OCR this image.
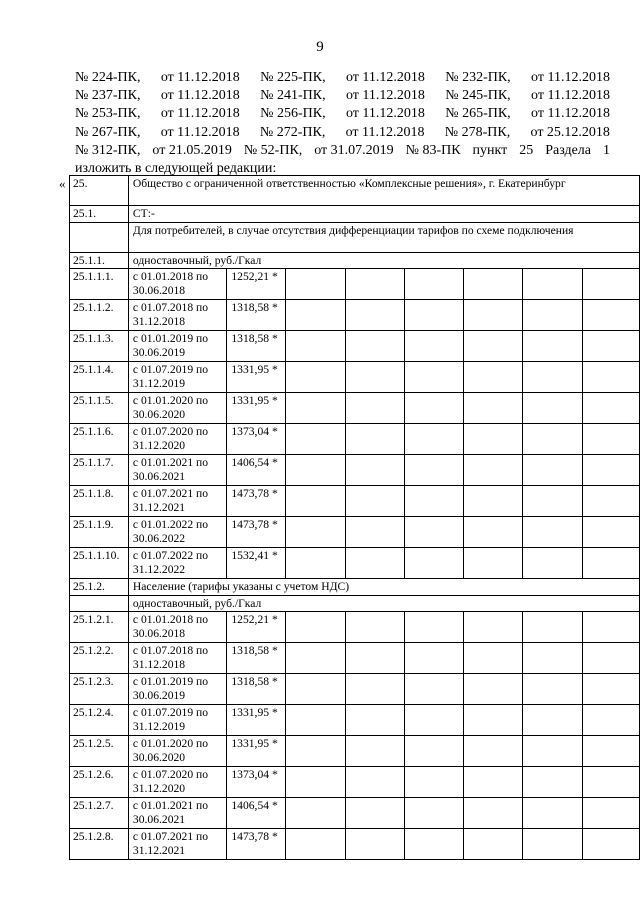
9
№ 224-ПК, от 11.12.2018 № 225-ПК, от 11.12.2018 № 232-ПК, от 11.12.2018
№ 237-ПК, от 11.12.2018 № 241-ПК, от 11.12.2018 № 245-ПК, от 11.12.2018
№ 253-ПК, от 11.12.2018 № 256-ПК, от 11.12.2018 № 265-ПК, от 11.12.2018
№ 267-ПК, от 11.12.2018 № 272-ПК, от 11.12.2018 № 278-ПК, от 25.12.2018
№ 312-ПК, от 21.05.2019 № 52-ПК, от 31.07.2019 № 83-ПК пункт 25 Раздела 1
изложить в следующей редакции:
« 25.	Общество с ограниченной ответственностью «Комплексные решения», г. Екатеринбург							
25.1.	СТ:-							
	Для потребителей, в случае отсутствия дифференциации тарифов по схеме подключения							
25.1.1.	одноставочный, руб./Гкал							
25.1.1.1.	с 01.01.2018 по 30.06.2018	1252,21 *						
25.1.1.2.	с 01.07.2018 по 31.12.2018	1318,58 *						
25.1.1.3.	с 01.01.2019 по 30.06.2019	1318,58 *						
25.1.1.4.	с 01.07.2019 по 31.12.2019	1331,95 *						
25.1.1.5.	с 01.01.2020 по 30.06.2020	1331,95 *						
25.1.1.6.	с 01.07.2020 по 31.12.2020	1373,04 *						
25.1.1.7.	с 01.01.2021 по 30.06.2021	1406,54 *						
25.1.1.8.	с 01.07.2021 по 31.12.2021	1473,78 *						
25.1.1.9.	с 01.01.2022 по 30.06.2022	1473,78 *						
25.1.1.10.	с 01.07.2022 по 31.12.2022	1532,41 *						
25.1.2.	Население (тарифы указаны с учетом НДС)							
	одноставочный, руб./Гкал							
25.1.2.1.	с 01.01.2018 по 30.06.2018	1252,21 *						
25.1.2.2.	с 01.07.2018 по 31.12.2018	1318,58 *						
25.1.2.3.	с 01.01.2019 по 30.06.2019	1318,58 *						
25.1.2.4.	с 01.07.2019 по 31.12.2019	1331,95 *						
25.1.2.5.	с 01.01.2020 по 30.06.2020	1331,95 *						
25.1.2.6.	с 01.07.2020 по 31.12.2020	1373,04 *						
25.1.2.7.	с 01.01.2021 по 30.06.2021	1406,54 *						
25.1.2.8.	с 01.07.2021 по 31.12.2021	1473,78 *						
